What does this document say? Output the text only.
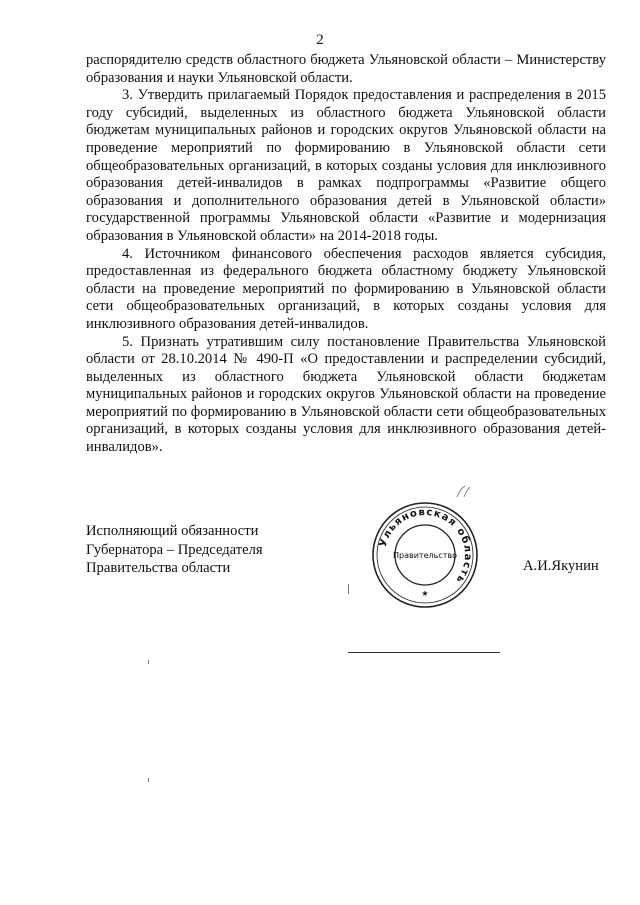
2

распорядителю средств областного бюджета Ульяновской области – Министерству образования и науки Ульяновской области.

3. Утвердить прилагаемый Порядок предоставления и распределения в 2015 году субсидий, выделенных из областного бюджета Ульяновской области бюджетам муниципальных районов и городских округов Ульяновской области на проведение мероприятий по формированию в Ульяновской области сети общеобразовательных организаций, в которых созданы условия для инклюзивного образования детей-инвалидов в рамках подпрограммы «Развитие общего образования и дополнительного образования детей в Ульяновской области» государственной программы Ульяновской области «Развитие и модернизация образования в Ульяновской области» на 2014-2018 годы.

4. Источником финансового обеспечения расходов является субсидия, предоставленная из федерального бюджета областному бюджету Ульяновской области на проведение мероприятий по формированию в Ульяновской области сети общеобразовательных организаций, в которых созданы условия для инклюзивного образования детей-инвалидов.

5. Признать утратившим силу постановление Правительства Ульяновской области от 28.10.2014 № 490-П «О предоставлении и распределении субсидий, выделенных из областного бюджета Ульяновской области бюджетам муниципальных районов и городских округов Ульяновской области на проведение мероприятий по формированию в Ульяновской области сети общеобразовательных организаций, в которых созданы условия для инклюзивного образования детей-инвалидов».

Исполняющий обязанности
Губернатора – Председателя
Правительства области	А.И.Якунин
Ульяновская область
Правительство
★
